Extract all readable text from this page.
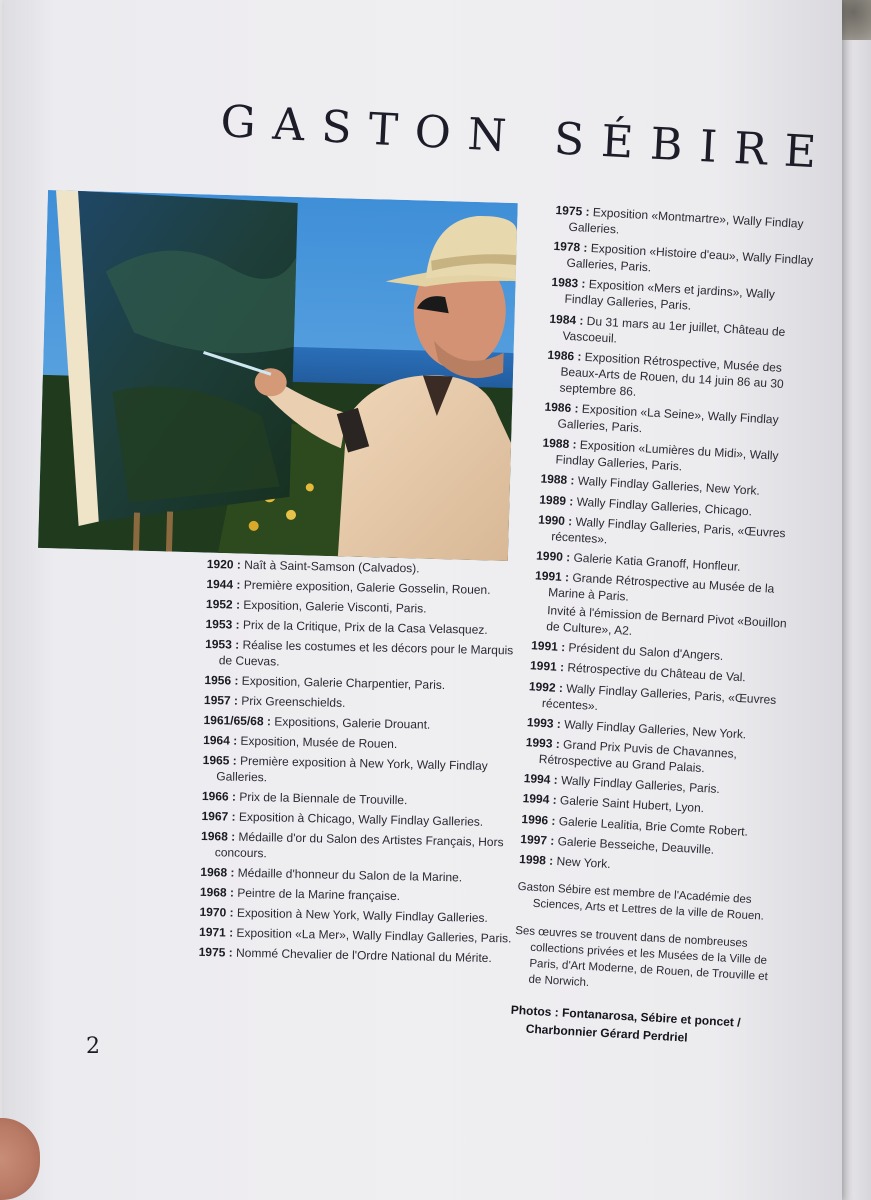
GASTON SÉBIRE

1920 : Naît à Saint-Samson (Calvados).

1944 : Première exposition, Galerie Gosselin, Rouen.

1952 : Exposition, Galerie Visconti, Paris.

1953 : Prix de la Critique, Prix de la Casa Velasquez.

1953 : Réalise les costumes et les décors pour le Marquis de Cuevas.

1956 : Exposition, Galerie Charpentier, Paris.

1957 : Prix Greenschields.

1961/65/68 : Expositions, Galerie Drouant.

1964 : Exposition, Musée de Rouen.

1965 : Première exposition à New York, Wally Findlay Galleries.

1966 : Prix de la Biennale de Trouville.

1967 : Exposition à Chicago, Wally Findlay Galleries.

1968 : Médaille d'or du Salon des Artistes Français, Hors concours.

1968 : Médaille d'honneur du Salon de la Marine.

1968 : Peintre de la Marine française.

1970 : Exposition à New York, Wally Findlay Galleries.

1971 : Exposition «La Mer», Wally Findlay Galleries, Paris.

1975 : Nommé Chevalier de l'Ordre National du Mérite.

1975 : Exposition «Montmartre», Wally Findlay Galleries.

1978 : Exposition «Histoire d'eau», Wally Findlay Galleries, Paris.

1983 : Exposition «Mers et jardins», Wally Findlay Galleries, Paris.

1984 : Du 31 mars au 1er juillet, Château de Vascoeuil.

1986 : Exposition Rétrospective, Musée des Beaux-Arts de Rouen, du 14 juin 86 au 30 septembre 86.

1986 : Exposition «La Seine», Wally Findlay Galleries, Paris.

1988 : Exposition «Lumières du Midi», Wally Findlay Galleries, Paris.

1988 : Wally Findlay Galleries, New York.

1989 : Wally Findlay Galleries, Chicago.

1990 : Wally Findlay Galleries, Paris, «Œuvres récentes».

1990 : Galerie Katia Granoff, Honfleur.

1991 : Grande Rétrospective au Musée de la Marine à Paris.

Invité à l'émission de Bernard Pivot «Bouillon de Culture», A2.

1991 : Président du Salon d'Angers.

1991 : Rétrospective du Château de Val.

1992 : Wally Findlay Galleries, Paris, «Œuvres récentes».

1993 : Wally Findlay Galleries, New York.

1993 : Grand Prix Puvis de Chavannes, Rétrospective au Grand Palais.

1994 : Wally Findlay Galleries, Paris.

1994 : Galerie Saint Hubert, Lyon.

1996 : Galerie Lealitia, Brie Comte Robert.

1997 : Galerie Besseiche, Deauville.

1998 : New York.

Gaston Sébire est membre de l'Académie des Sciences, Arts et Lettres de la ville de Rouen.

Ses œuvres se trouvent dans de nombreuses collections privées et les Musées de la Ville de Paris, d'Art Moderne, de Rouen, de Trouville et de Norwich.

Photos : Fontanarosa, Sébire et poncet / Charbonnier Gérard Perdriel

2
